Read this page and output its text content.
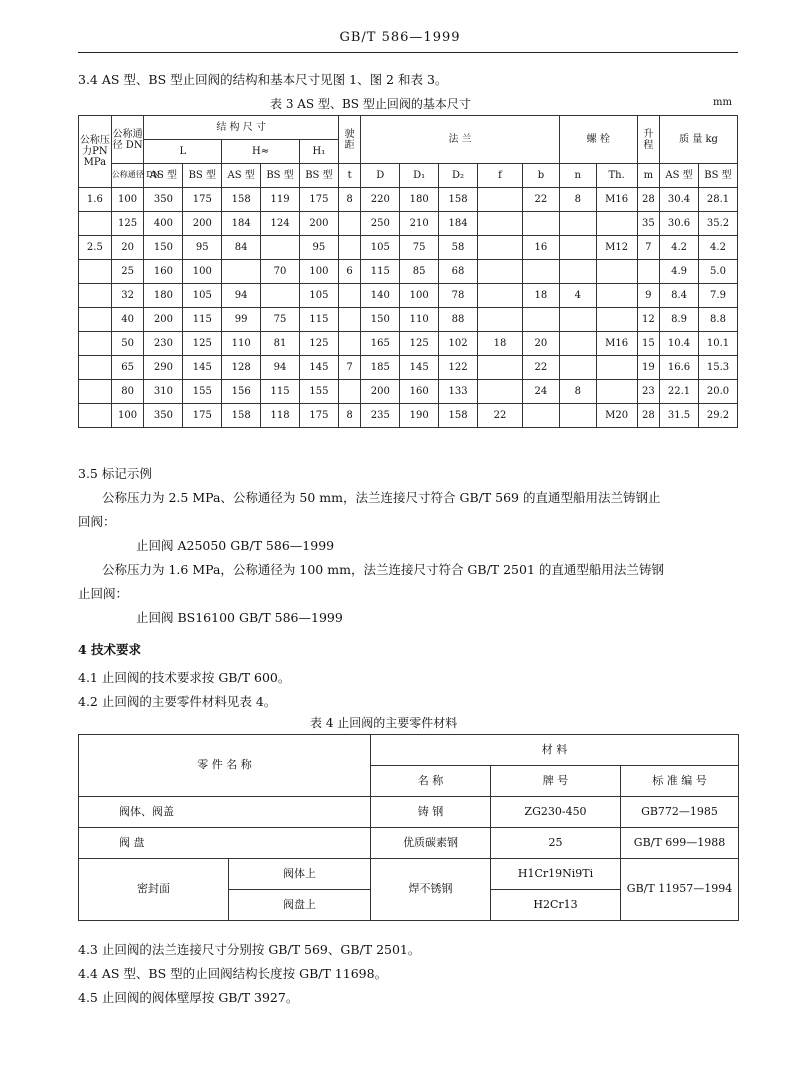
GB/T 586—1999
3.4 AS 型、BS 型止回阀的结构和基本尺寸见图 1、图 2 和表 3。
表 3 AS 型、BS 型止回阀的基本尺寸	mm
公称压力PN MPa	公称通径 DN	结 构 尺 寸					驶 距	法 兰					螺 栓		升 程	质 量 kg	
		L		H≈		H₁											
	公称通径 DN	AS 型	BS 型	AS 型	BS 型	BS 型	t	D	D₁	D₂	f	b	n	Th.	m	AS 型	BS 型
1.6	100	350	175	158	119	175	8	220	180	158		22	8	M16	28	30.4	28.1
	125	400	200	184	124	200		250	210	184					35	30.6	35.2
2.5	20	150	95	84		95		105	75	58		16		M12	7	4.2	4.2
	25	160	100		70	100	6	115	85	68						4.9	5.0
	32	180	105	94		105		140	100	78		18	4		9	8.4	7.9
	40	200	115	99	75	115		150	110	88					12	8.9	8.8
	50	230	125	110	81	125		165	125	102	18	20		M16	15	10.4	10.1
	65	290	145	128	94	145	7	185	145	122		22			19	16.6	15.3
	80	310	155	156	115	155		200	160	133		24	8		23	22.1	20.0
	100	350	175	158	118	175	8	235	190	158	22			M20	28	31.5	29.2
3.5 标记示例
公称压力为 2.5 MPa、公称通径为 50 mm，法兰连接尺寸符合 GB/T 569 的直通型船用法兰铸钢止
回阀：
止回阀 A25050 GB/T 586—1999
公称压力为 1.6 MPa，公称通径为 100 mm，法兰连接尺寸符合 GB/T 2501 的直通型船用法兰铸钢
止回阀：
止回阀 BS16100 GB/T 586—1999
4 技术要求
4.1 止回阀的技术要求按 GB/T 600。
4.2 止回阀的主要零件材料见表 4。
表 4 止回阀的主要零件材料
零 件 名 称		材 料		
		名 称	牌 号	标 准 编 号
阀体、阀盖		铸 钢	ZG230-450	GB772—1985
阀 盘		优质碳素钢	25	GB/T 699—1988
密封面	阀体上	焊不锈钢	H1Cr19Ni9Ti	GB/T 11957—1994
	阀盘上		H2Cr13	
4.3 止回阀的法兰连接尺寸分别按 GB/T 569、GB/T 2501。
4.4 AS 型、BS 型的止回阀结构长度按 GB/T 11698。
4.5 止回阀的阀体壁厚按 GB/T 3927。
